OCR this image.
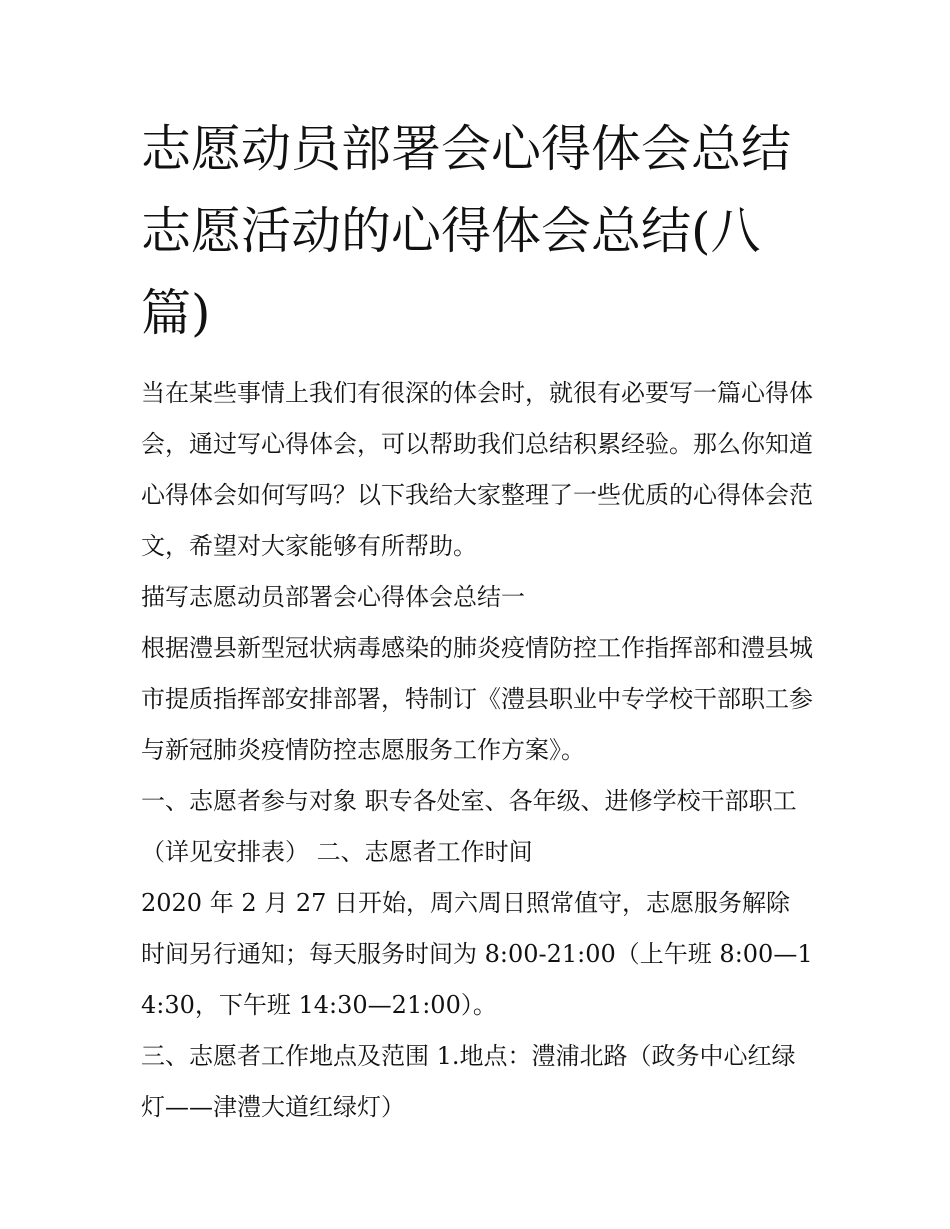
志愿动员部署会心得体会总结志愿活动的心得体会总结(八篇)

当在某些事情上我们有很深的体会时，就很有必要写一篇心得体会，通过写心得体会，可以帮助我们总结积累经验。那么你知道心得体会如何写吗？以下我给大家整理了一些优质的心得体会范文，希望对大家能够有所帮助。

描写志愿动员部署会心得体会总结一

根据澧县新型冠状病毒感染的肺炎疫情防控工作指挥部和澧县城市提质指挥部安排部署，特制订《澧县职业中专学校干部职工参与新冠肺炎疫情防控志愿服务工作方案》。

一、志愿者参与对象 职专各处室、各年级、进修学校干部职工（详见安排表） 二、志愿者工作时间

2020 年 2 月 27 日开始，周六周日照常值守，志愿服务解除时间另行通知；每天服务时间为 8:00-21:00（上午班 8:00—14:30，下午班 14:30—21:00）。

三、志愿者工作地点及范围 1.地点：澧浦北路（政务中心红绿灯——津澧大道红绿灯）
